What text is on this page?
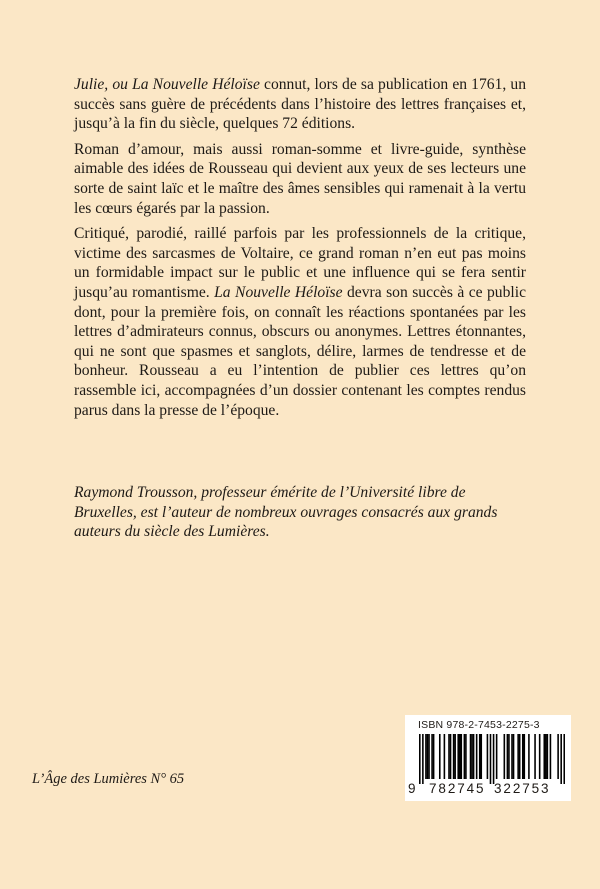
Julie, ou La Nouvelle Héloïse connut, lors de sa publication en 1761, un succès sans guère de précédents dans l’histoire des lettres françaises et, jusqu’à la fin du siècle, quelques 72 éditions.

Roman d’amour, mais aussi roman-somme et livre-guide, synthèse aimable des idées de Rousseau qui devient aux yeux de ses lecteurs une sorte de saint laïc et le maître des âmes sensibles qui ramenait à la vertu les cœurs égarés par la passion.

Critiqué, parodié, raillé parfois par les professionnels de la critique, victime des sarcasmes de Voltaire, ce grand roman n’en eut pas moins un formidable impact sur le public et une influence qui se fera sentir jusqu’au romantisme. La Nouvelle Héloïse devra son succès à ce public dont, pour la première fois, on connaît les réactions spontanées par les lettres d’admirateurs connus, obscurs ou anonymes. Lettres étonnantes, qui ne sont que spasmes et sanglots, délire, larmes de tendresse et de bonheur. Rousseau a eu l’intention de publier ces lettres qu’on rassemble ici, accompagnées d’un dossier contenant les comptes rendus parus dans la presse de l’époque.

Raymond Trousson, professeur émérite de l’Université libre de Bruxelles, est l’auteur de nombreux ouvrages consacrés aux grands auteurs du siècle des Lumières.
L’Âge des Lumières N° 65
ISBN 978-2-7453-2275-3
9 782745 322753
